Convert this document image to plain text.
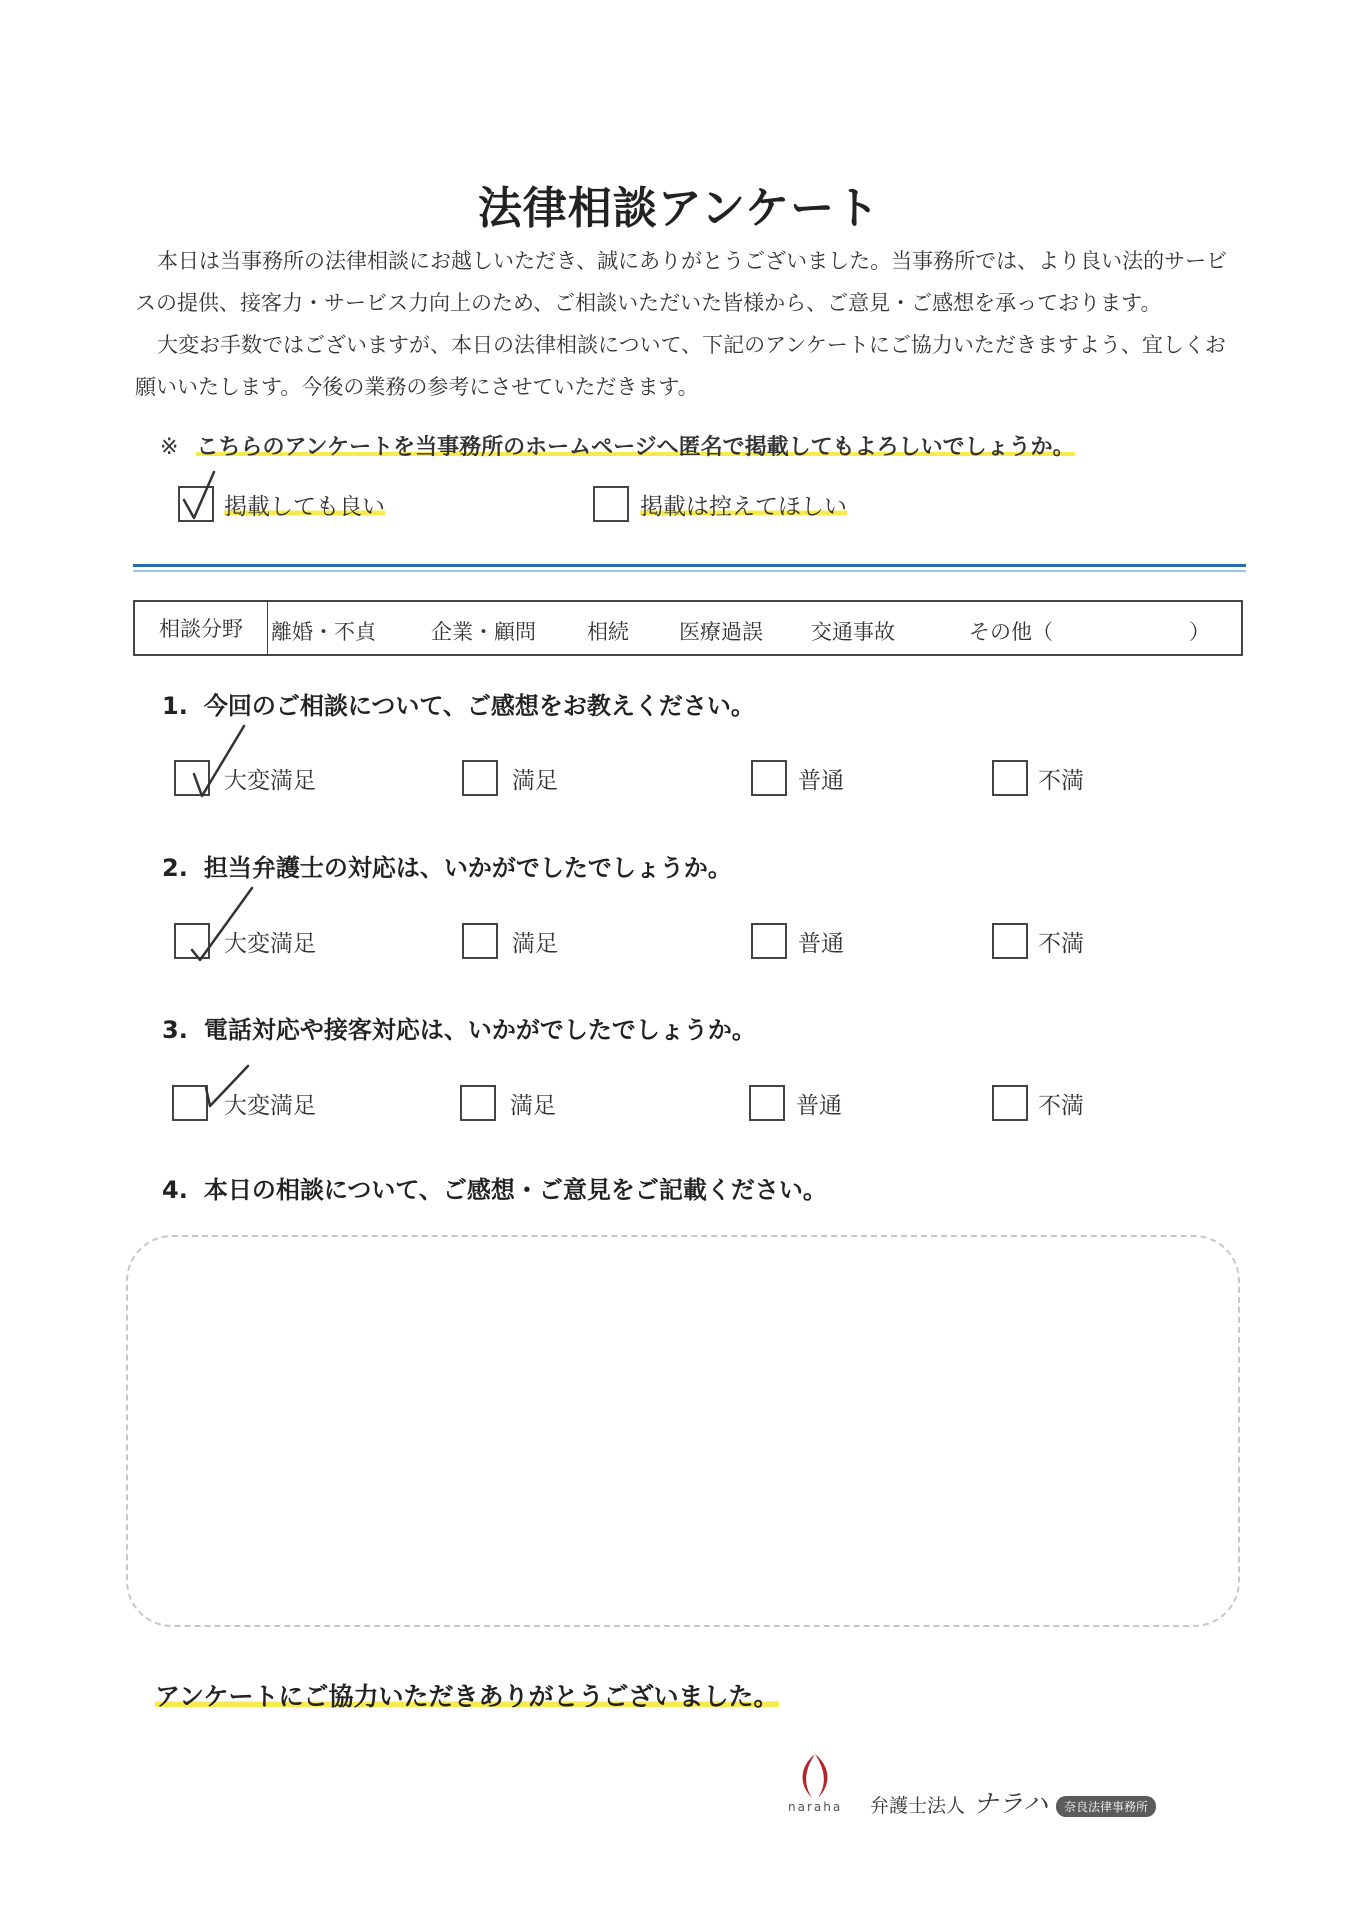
法律相談アンケート

本日は当事務所の法律相談にお越しいただき、誠にありがとうございました。当事務所では、より良い法的サービスの提供、接客力・サービス力向上のため、ご相談いただいた皆様から、ご意見・ご感想を承っております。

大変お手数ではございますが、本日の法律相談について、下記のアンケートにご協力いただきますよう、宜しくお願いいたします。今後の業務の参考にさせていただきます。

※ こちらのアンケートを当事務所のホームページへ匿名で掲載してもよろしいでしょうか。
掲載しても良い	掲載は控えてほしい
相談分野	離婚・不貞	企業・顧問 相続 医療過誤 交通事故	その他（	）
1. 今回のご相談について、ご感想をお教えください。
大変満足	満足	普通	不満
2. 担当弁護士の対応は、いかがでしたでしょうか。
大変満足	満足	普通	不満
3. 電話対応や接客対応は、いかがでしたでしょうか。
大変満足	満足	普通	不満
4. 本日の相談について、ご感想・ご意見をご記載ください。
アンケートにご協力いただきありがとうございました。
naraha 弁護士法人 ナラハ 奈良法律事務所
